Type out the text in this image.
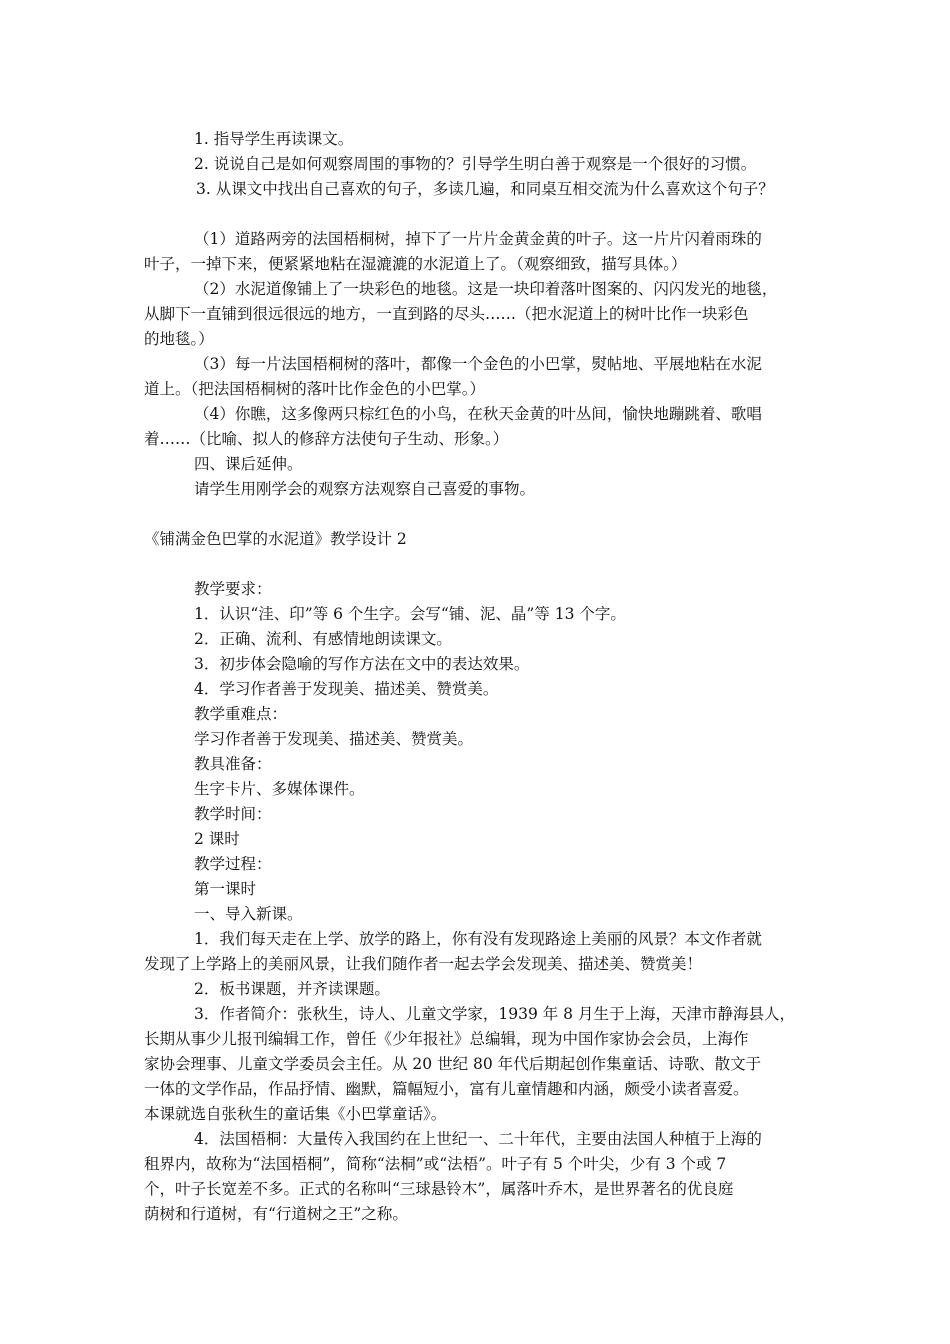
1. 指导学生再读课文。
2. 说说自己是如何观察周围的事物的？引导学生明白善于观察是一个很好的习惯。
3. 从课文中找出自己喜欢的句子，多读几遍，和同桌互相交流为什么喜欢这个句子？
（1）道路两旁的法国梧桐树，掉下了一片片金黄金黄的叶子。这一片片闪着雨珠的
叶子，一掉下来，便紧紧地粘在湿漉漉的水泥道上了。（观察细致，描写具体。）
（2）水泥道像铺上了一块彩色的地毯。这是一块印着落叶图案的、闪闪发光的地毯，
从脚下一直铺到很远很远的地方，一直到路的尽头……（把水泥道上的树叶比作一块彩色
的地毯。）
（3）每一片法国梧桐树的落叶，都像一个金色的小巴掌，熨帖地、平展地粘在水泥
道上。（把法国梧桐树的落叶比作金色的小巴掌。）
（4）你瞧，这多像两只棕红色的小鸟，在秋天金黄的叶丛间，愉快地蹦跳着、歌唱
着……（比喻、拟人的修辞方法使句子生动、形象。）
四、课后延伸。
请学生用刚学会的观察方法观察自己喜爱的事物。
《铺满金色巴掌的水泥道》教学设计 2
教学要求：
1．认识“洼、印”等 6 个生字。会写“铺、泥、晶”等 13 个字。
2．正确、流利、有感情地朗读课文。
3．初步体会隐喻的写作方法在文中的表达效果。
4．学习作者善于发现美、描述美、赞赏美。
教学重难点：
学习作者善于发现美、描述美、赞赏美。
教具准备：
生字卡片、多媒体课件。
教学时间：
2 课时
教学过程：
第一课时
一、导入新课。
1．我们每天走在上学、放学的路上，你有没有发现路途上美丽的风景？本文作者就
发现了上学路上的美丽风景，让我们随作者一起去学会发现美、描述美、赞赏美！
2．板书课题，并齐读课题。
3．作者简介：张秋生，诗人、儿童文学家，1939 年 8 月生于上海，天津市静海县人，
长期从事少儿报刊编辑工作，曾任《少年报社》总编辑，现为中国作家协会会员，上海作
家协会理事、儿童文学委员会主任。从 20 世纪 80 年代后期起创作集童话、诗歌、散文于
一体的文学作品，作品抒情、幽默，篇幅短小，富有儿童情趣和内涵，颇受小读者喜爱。
本课就选自张秋生的童话集《小巴掌童话》。
4．法国梧桐：大量传入我国约在上世纪一、二十年代，主要由法国人种植于上海的
租界内，故称为“法国梧桐”，简称“法桐”或“法梧”。叶子有 5 个叶尖，少有 3 个或 7
个，叶子长宽差不多。正式的名称叫“三球悬铃木”，属落叶乔木，是世界著名的优良庭
荫树和行道树，有“行道树之王”之称。
